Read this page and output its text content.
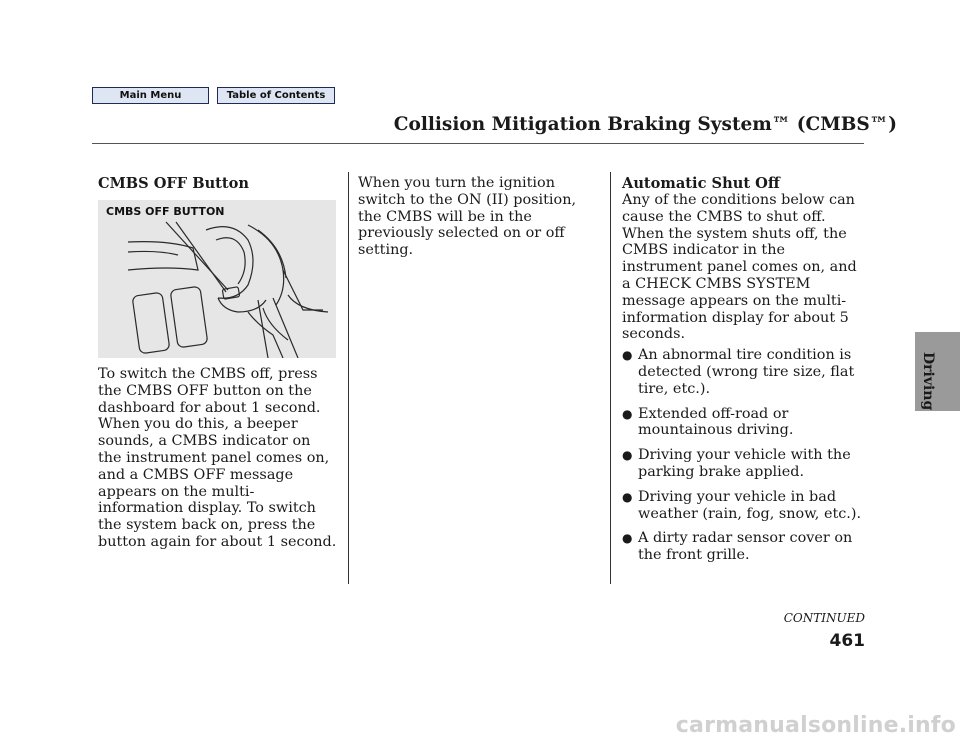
Main Menu	Table of Contents
Collision Mitigation Braking System™ (CMBS™)
CMBS OFF Button
CMBS OFF BUTTON

To switch the CMBS off, press the CMBS OFF button on the dashboard for about 1 second. When you do this, a beeper sounds, a CMBS indicator on the instrument panel comes on, and a CMBS OFF message appears on the multi-information display. To switch the system back on, press the button again for about 1 second.

When you turn the ignition switch to the ON (II) position, the CMBS will be in the previously selected on or off setting.

Automatic Shut Off

Any of the conditions below can cause the CMBS to shut off. When the system shuts off, the CMBS indicator in the instrument panel comes on, and a CHECK CMBS SYSTEM message appears on the multi-information display for about 5 seconds.

● An abnormal tire condition is detected (wrong tire size, flat tire, etc.).
● Extended off-road or mountainous driving.
● Driving your vehicle with the parking brake applied.
● Driving your vehicle in bad weather (rain, fog, snow, etc.).
● A dirty radar sensor cover on the front grille.
Driving
CONTINUED
461
carmanualsonline.info
